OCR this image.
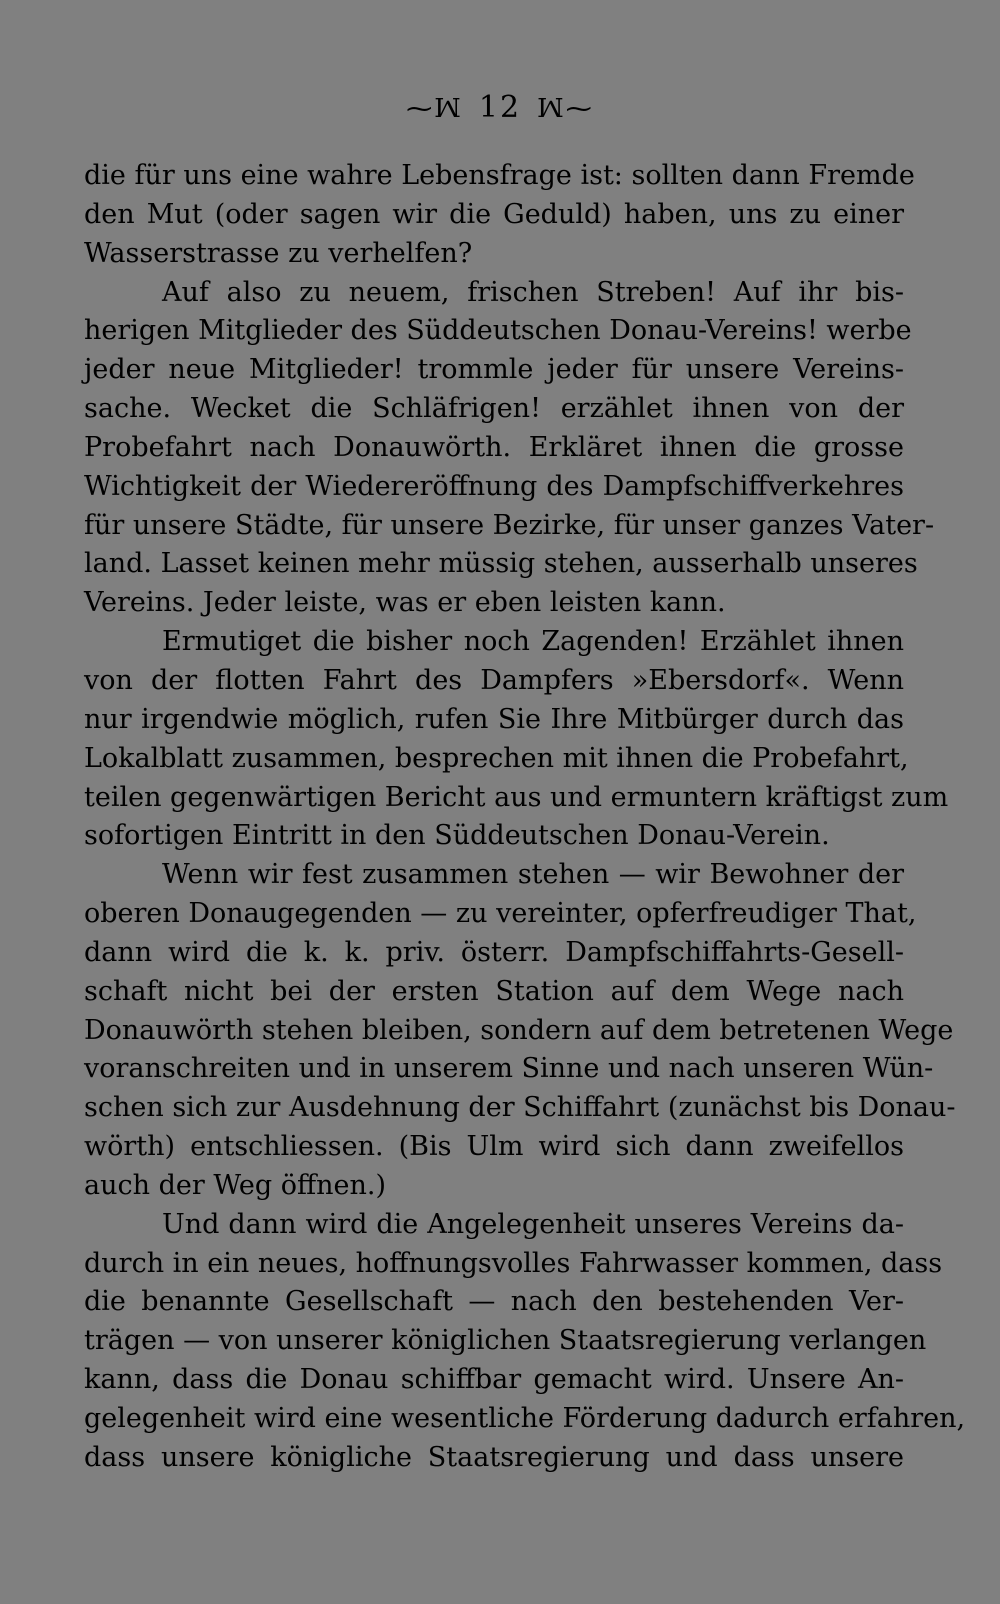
⁓ꟽ 12 ꟽ⁓
die für uns eine wahre Lebensfrage ist: sollten dann Fremde
den Mut (oder sagen wir die Geduld) haben, uns zu einer
Wasserstrasse zu verhelfen?
Auf also zu neuem, frischen Streben! Auf ihr bis-
herigen Mitglieder des Süddeutschen Donau-Vereins! werbe
jeder neue Mitglieder! trommle jeder für unsere Vereins-
sache. Wecket die Schläfrigen! erzählet ihnen von der
Probefahrt nach Donauwörth. Erkläret ihnen die grosse
Wichtigkeit der Wiedereröffnung des Dampfschiffverkehres
für unsere Städte, für unsere Bezirke, für unser ganzes Vater-
land. Lasset keinen mehr müssig stehen, ausserhalb unseres
Vereins. Jeder leiste, was er eben leisten kann.
Ermutiget die bisher noch Zagenden! Erzählet ihnen
von der flotten Fahrt des Dampfers »Ebersdorf«. Wenn
nur irgendwie möglich, rufen Sie Ihre Mitbürger durch das
Lokalblatt zusammen, besprechen mit ihnen die Probefahrt,
teilen gegenwärtigen Bericht aus und ermuntern kräftigst zum
sofortigen Eintritt in den Süddeutschen Donau-Verein.
Wenn wir fest zusammen stehen — wir Bewohner der
oberen Donaugegenden — zu vereinter, opferfreudiger That,
dann wird die k. k. priv. österr. Dampfschiffahrts-Gesell-
schaft nicht bei der ersten Station auf dem Wege nach
Donauwörth stehen bleiben, sondern auf dem betretenen Wege
voranschreiten und in unserem Sinne und nach unseren Wün-
schen sich zur Ausdehnung der Schiffahrt (zunächst bis Donau-
wörth) entschliessen. (Bis Ulm wird sich dann zweifellos
auch der Weg öffnen.)
Und dann wird die Angelegenheit unseres Vereins da-
durch in ein neues, hoffnungsvolles Fahrwasser kommen, dass
die benannte Gesellschaft — nach den bestehenden Ver-
trägen — von unserer königlichen Staatsregierung verlangen
kann, dass die Donau schiffbar gemacht wird. Unsere An-
gelegenheit wird eine wesentliche Förderung dadurch erfahren,
dass unsere königliche Staatsregierung und dass unsere
